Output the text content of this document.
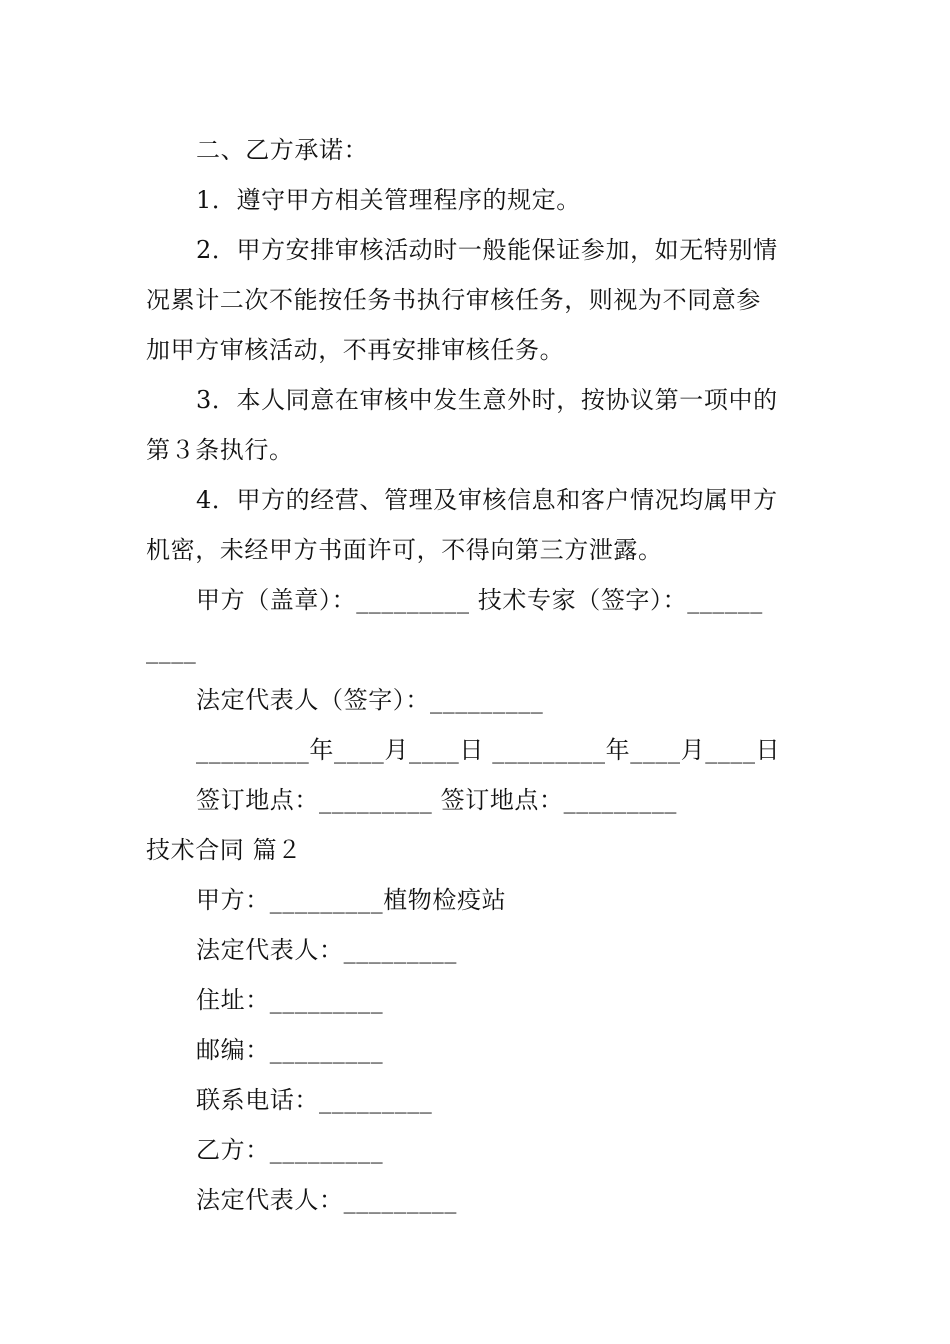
二、乙方承诺：
1．遵守甲方相关管理程序的规定。
2．甲方安排审核活动时一般能保证参加，如无特别情
况累计二次不能按任务书执行审核任务，则视为不同意参
加甲方审核活动，不再安排审核任务。
3．本人同意在审核中发生意外时，按协议第一项中的
第３条执行。
4．甲方的经营、管理及审核信息和客户情况均属甲方
机密，未经甲方书面许可，不得向第三方泄露。
甲方（盖章）：_________ 技术专家（签字）：______
____
法定代表人（签字）：_________
_________年____月____日 _________年____月____日
签订地点：_________ 签订地点：_________
技术合同 篇２
甲方：_________植物检疫站
法定代表人：_________
住址：_________
邮编：_________
联系电话：_________
乙方：_________
法定代表人：_________
